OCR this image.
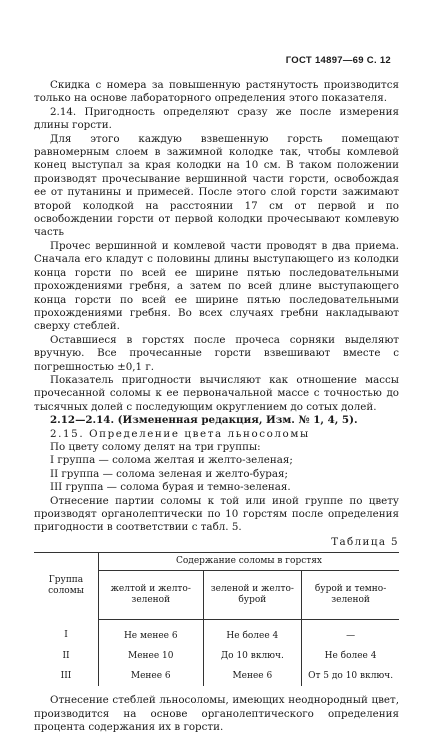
ГОСТ 14897—69 С. 12

Скидка с номера за повышенную растянутость производится только на основе лабораторного определения этого показателя.

2.14. Пригодность определяют сразу же после измерения длины горсти.

Для этого каждую взвешенную горсть помещают равномерным слоем в зажимной колодке так, чтобы комлевой конец выступал за края колодки на 10 см. В таком положении производят прочесывание вершинной части горсти, освобождая ее от путанины и примесей. После этого слой горсти зажимают второй колодкой на расстоянии 17 см от первой и по освобождении горсти от первой колодки прочесывают комлевую часть

Прочес вершинной и комлевой части проводят в два приема. Сначала его кладут с половины длины выступающего из колодки конца горсти по всей ее ширине пятью последовательными прохождениями гребня, а затем по всей длине выступающего конца горсти по всей ее ширине пятью последовательными прохождениями гребня. Во всех случаях гребни накладывают сверху стеблей.

Оставшиеся в горстях после прочеса сорняки выделяют вручную. Все прочесанные горсти взвешивают вместе с погрешностью ±0,1 г.

Показатель пригодности вычисляют как отношение массы прочесанной соломы к ее первоначальной массе с точностью до тысячных долей с последующим округлением до сотых долей.

2.12—2.14. (Измененная редакция, Изм. № 1, 4, 5).

2.15. Определение цвета льносоломы

По цвету солому делят на три группы:

I группа — солома желтая и желто-зеленая;

II группа — солома зеленая и желто-бурая;

III группа — солома бурая и темно-зеленая.

Отнесение партии соломы к той или иной группе по цвету производят органолептически по 10 горстям после определения пригодности в соответствии с табл. 5.

Таблица 5
Группа соломы	Содержание соломы в горстях		
	желтой и желто-зеленой	зеленой и желто-бурой	бурой и темно-зеленой
I	Не менее 6	Не более 4	—
II	Менее 10	До 10 включ.	Не более 4
III	Менее 6	Менее 6	От 5 до 10 включ.

Отнесение стеблей льносоломы, имеющих неоднородный цвет, производится на основе органолептического определения процента содержания их в горсти.
